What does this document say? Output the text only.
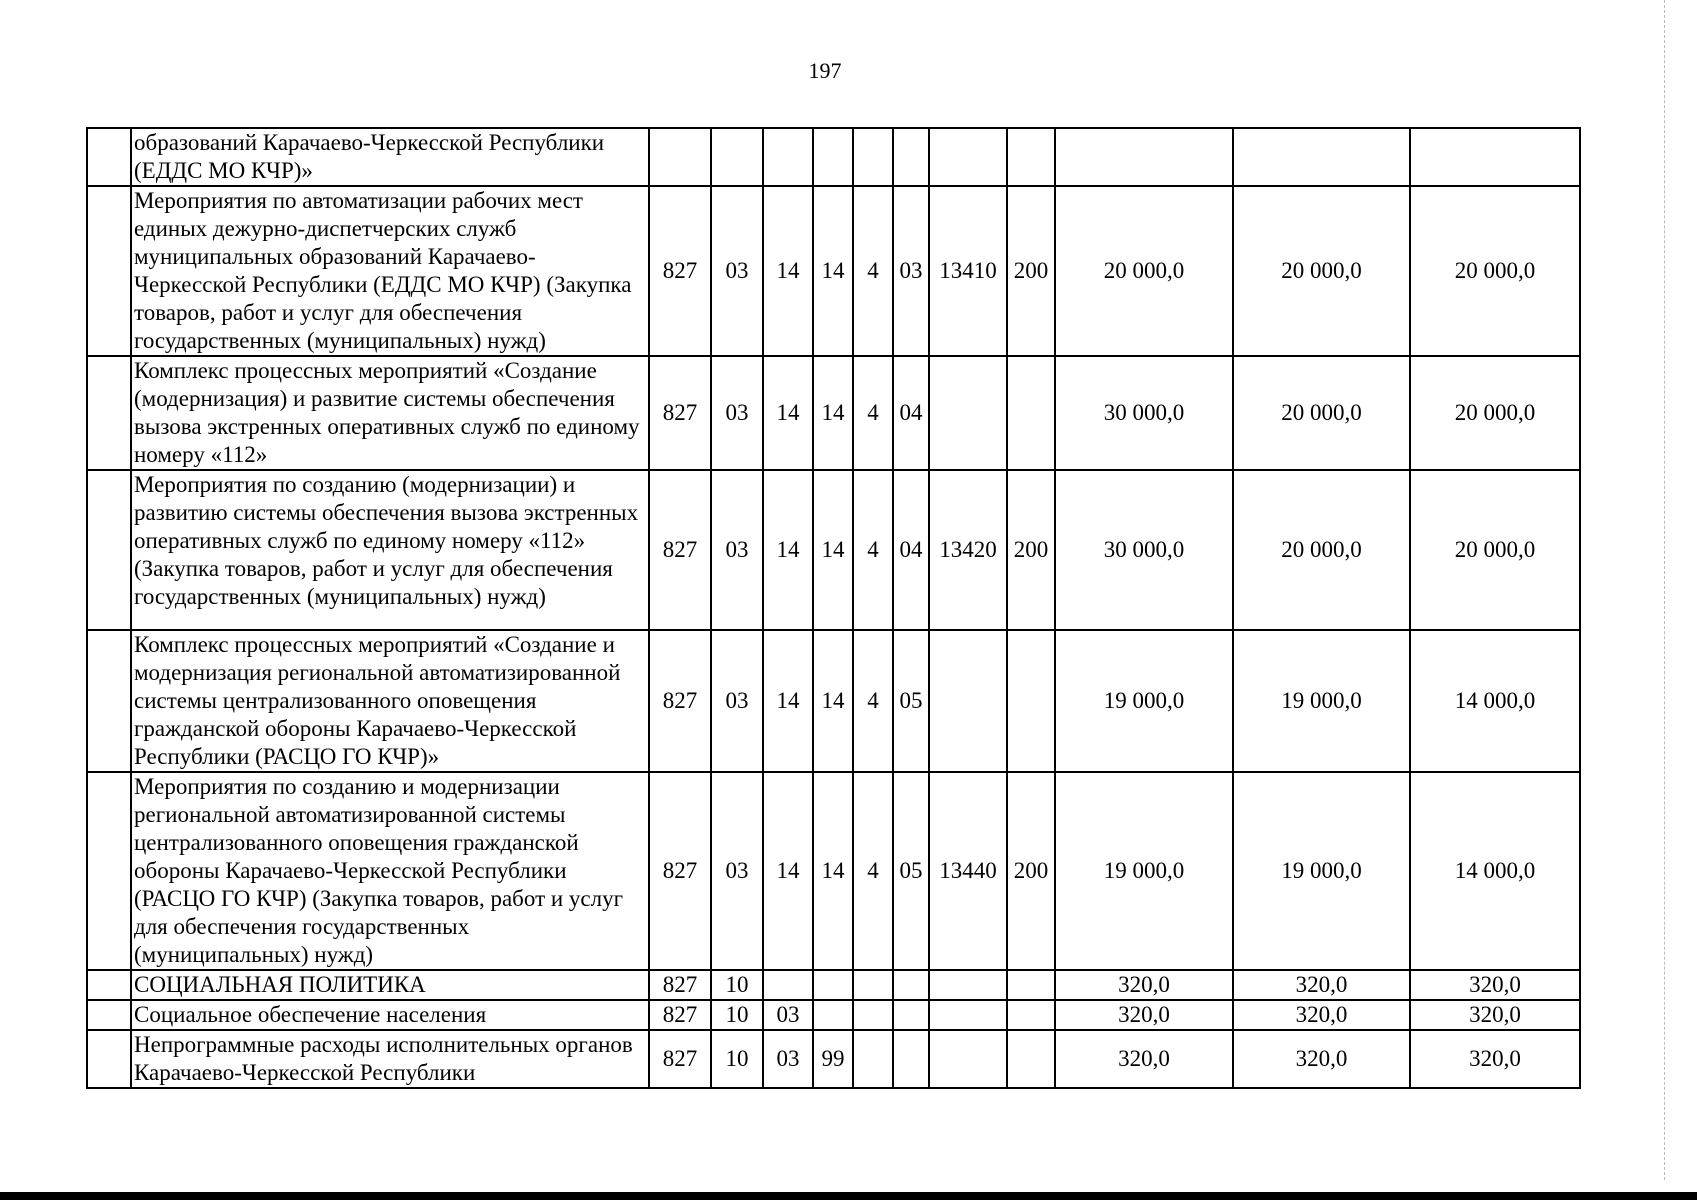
197
	образований Карачаево-Черкесской Республики (ЕДДС МО КЧР)»											
	Мероприятия по автоматизации рабочих мест единых дежурно-диспетчерских служб муниципальных образований Карачаево-Черкесской Республики (ЕДДС МО КЧР) (Закупка товаров, работ и услуг для обеспечения государственных (муниципальных) нужд)	827	03	14	14	4	03	13410	200	20 000,0	20 000,0	20 000,0
	Комплекс процессных мероприятий «Создание (модернизация) и развитие системы обеспечения вызова экстренных оперативных служб по единому номеру «112»	827	03	14	14	4	04			30 000,0	20 000,0	20 000,0
	Мероприятия по созданию (модернизации) и развитию системы обеспечения вызова экстренных оперативных служб по единому номеру «112» (Закупка товаров, работ и услуг для обеспечения государственных (муниципальных) нужд)	827	03	14	14	4	04	13420	200	30 000,0	20 000,0	20 000,0
	Комплекс процессных мероприятий «Создание и модернизация региональной автоматизированной системы централизованного оповещения гражданской обороны Карачаево-Черкесской Республики (РАСЦО ГО КЧР)»	827	03	14	14	4	05			19 000,0	19 000,0	14 000,0
	Мероприятия по созданию и модернизации региональной автоматизированной системы централизованного оповещения гражданской обороны Карачаево-Черкесской Республики (РАСЦО ГО КЧР) (Закупка товаров, работ и услуг для обеспечения государственных (муниципальных) нужд)	827	03	14	14	4	05	13440	200	19 000,0	19 000,0	14 000,0
	СОЦИАЛЬНАЯ ПОЛИТИКА	827	10							320,0	320,0	320,0
	Социальное обеспечение населения	827	10	03						320,0	320,0	320,0
	Непрограммные расходы исполнительных органов Карачаево-Черкесской Республики	827	10	03	99					320,0	320,0	320,0
